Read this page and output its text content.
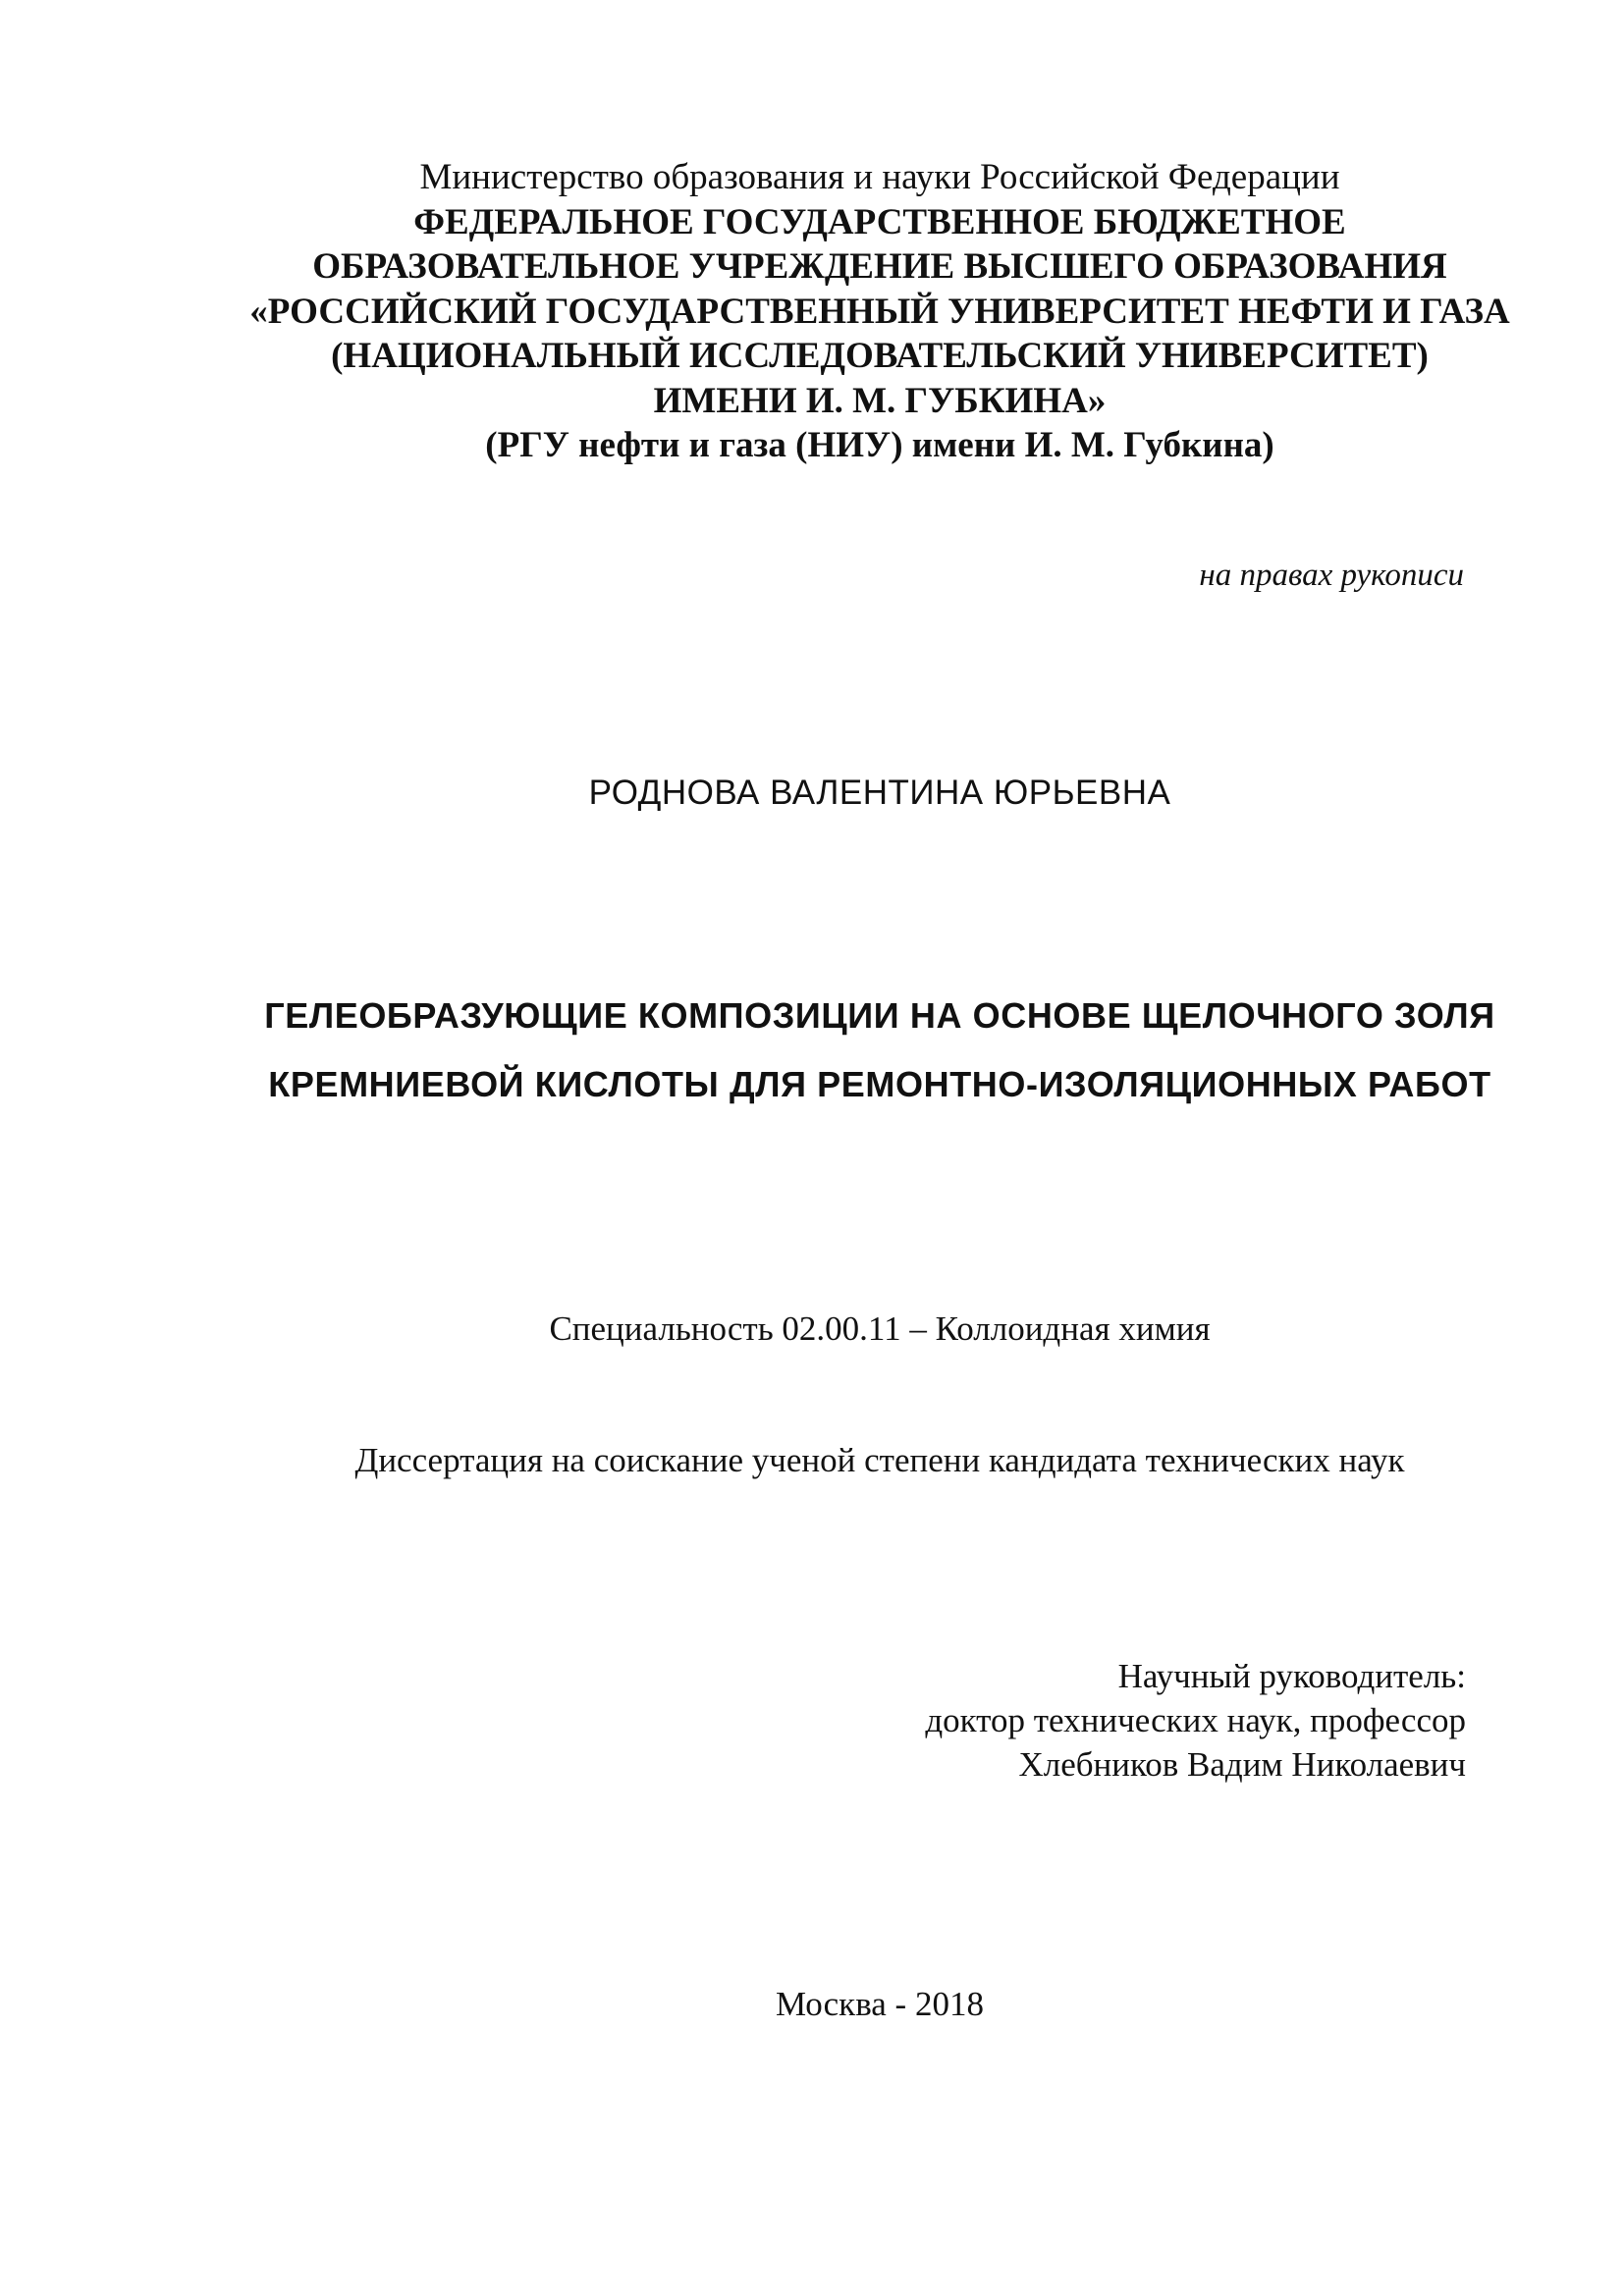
Министерство образования и науки Российской Федерации
ФЕДЕРАЛЬНОЕ ГОСУДАРСТВЕННОЕ БЮДЖЕТНОЕ
ОБРАЗОВАТЕЛЬНОЕ УЧРЕЖДЕНИЕ ВЫСШЕГО ОБРАЗОВАНИЯ
«РОССИЙСКИЙ ГОСУДАРСТВЕННЫЙ УНИВЕРСИТЕТ НЕФТИ И ГАЗА
(НАЦИОНАЛЬНЫЙ ИССЛЕДОВАТЕЛЬСКИЙ УНИВЕРСИТЕТ)
ИМЕНИ И. М. ГУБКИНА»
(РГУ нефти и газа (НИУ) имени И. М. Губкина)
на правах рукописи
РОДНОВА ВАЛЕНТИНА ЮРЬЕВНА
ГЕЛЕОБРАЗУЮЩИЕ КОМПОЗИЦИИ НА ОСНОВЕ ЩЕЛОЧНОГО ЗОЛЯ
КРЕМНИЕВОЙ КИСЛОТЫ ДЛЯ РЕМОНТНО-ИЗОЛЯЦИОННЫХ РАБОТ
Специальность 02.00.11 – Коллоидная химия
Диссертация на соискание ученой степени кандидата технических наук
Научный руководитель:
доктор технических наук, профессор
Хлебников Вадим Николаевич
Москва - 2018
